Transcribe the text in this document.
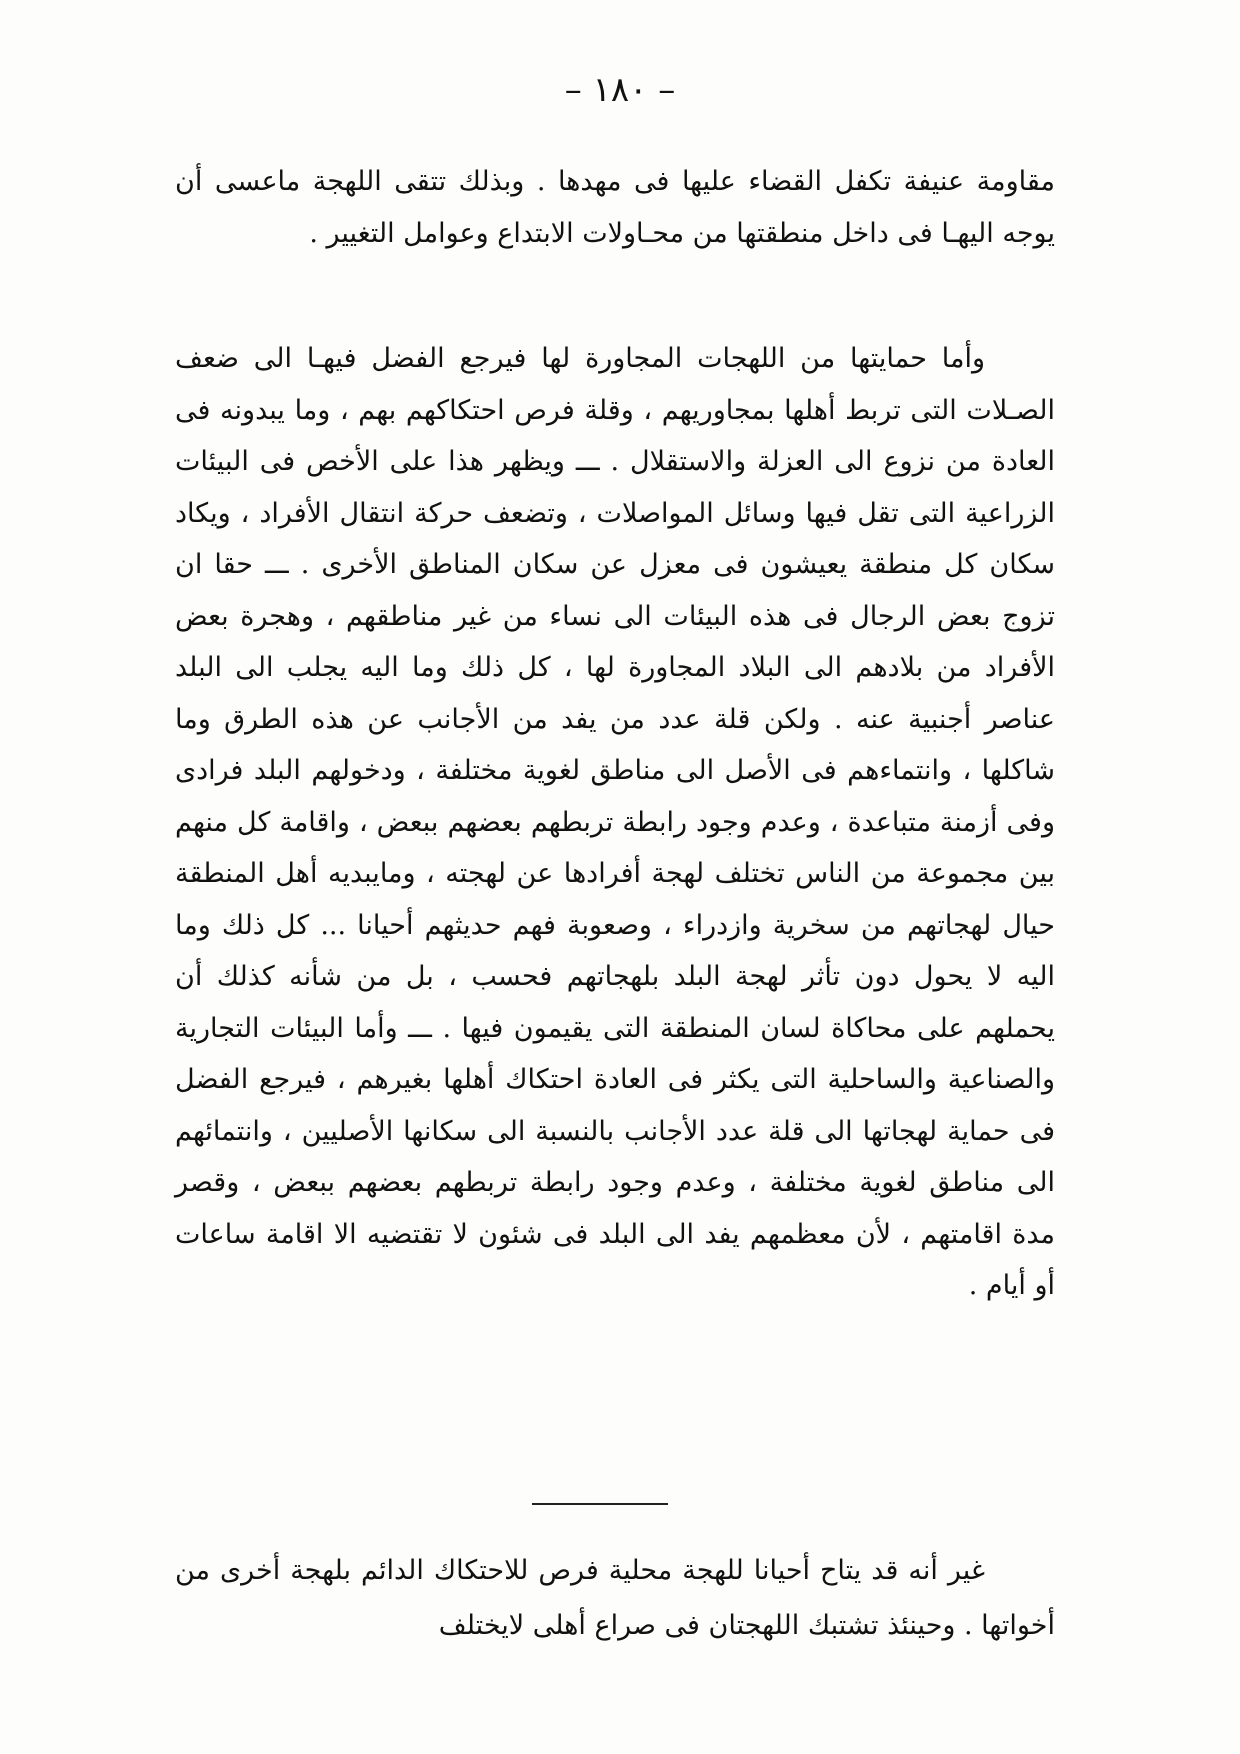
– ١٨٠ –

مقاومة عنيفة تكفل القضاء عليها فى مهدها . وبذلك تتقى اللهجة ماعسى أن يوجه اليهـا فى داخل منطقتها من محـاولات الابتداع وعوامل التغيير .

وأما حمايتها من اللهجات المجاورة لها فيرجع الفضل فيهـا الى ضعف الصـلات التى تربط أهلها بمجاوريهم ، وقلة فرص احتكاكهم بهم ، وما يبدونه فى العادة من نزوع الى العزلة والاستقلال . ـــ ويظهر هذا على الأخص فى البيئات الزراعية التى تقل فيها وسائل المواصلات ، وتضعف حركة انتقال الأفراد ، ويكاد سكان كل منطقة يعيشون فى معزل عن سكان المناطق الأخرى . ـــ حقا ان تزوج بعض الرجال فى هذه البيئات الى نساء من غير مناطقهم ، وهجرة بعض الأفراد من بلادهم الى البلاد المجاورة لها ، كل ذلك وما اليه يجلب الى البلد عناصر أجنبية عنه . ولكن قلة عدد من يفد من الأجانب عن هذه الطرق وما شاكلها ، وانتماءهم فى الأصل الى مناطق لغوية مختلفة ، ودخولهم البلد فرادى وفى أزمنة متباعدة ، وعدم وجود رابطة تربطهم بعضهم ببعض ، واقامة كل منهم بين مجموعة من الناس تختلف لهجة أفرادها عن لهجته ، ومايبديه أهل المنطقة حيال لهجاتهم من سخرية وازدراء ، وصعوبة فهم حديثهم أحيانا ... كل ذلك وما اليه لا يحول دون تأثر لهجة البلد بلهجاتهم فحسب ، بل من شأنه كذلك أن يحملهم على محاكاة لسان المنطقة التى يقيمون فيها . ـــ وأما البيئات التجارية والصناعية والساحلية التى يكثر فى العادة احتكاك أهلها بغيرهم ، فيرجع الفضل فى حماية لهجاتها الى قلة عدد الأجانب بالنسبة الى سكانها الأصليين ، وانتمائهم الى مناطق لغوية مختلفة ، وعدم وجود رابطة تربطهم بعضهم ببعض ، وقصر مدة اقامتهم ، لأن معظمهم يفد الى البلد فى شئون لا تقتضيه الا اقامة ساعات أو أيام .

غير أنه قد يتاح أحيانا للهجة محلية فرص للاحتكاك الدائم بلهجة أخرى من أخواتها . وحينئذ تشتبك اللهجتان فى صراع أهلى لايختلف
